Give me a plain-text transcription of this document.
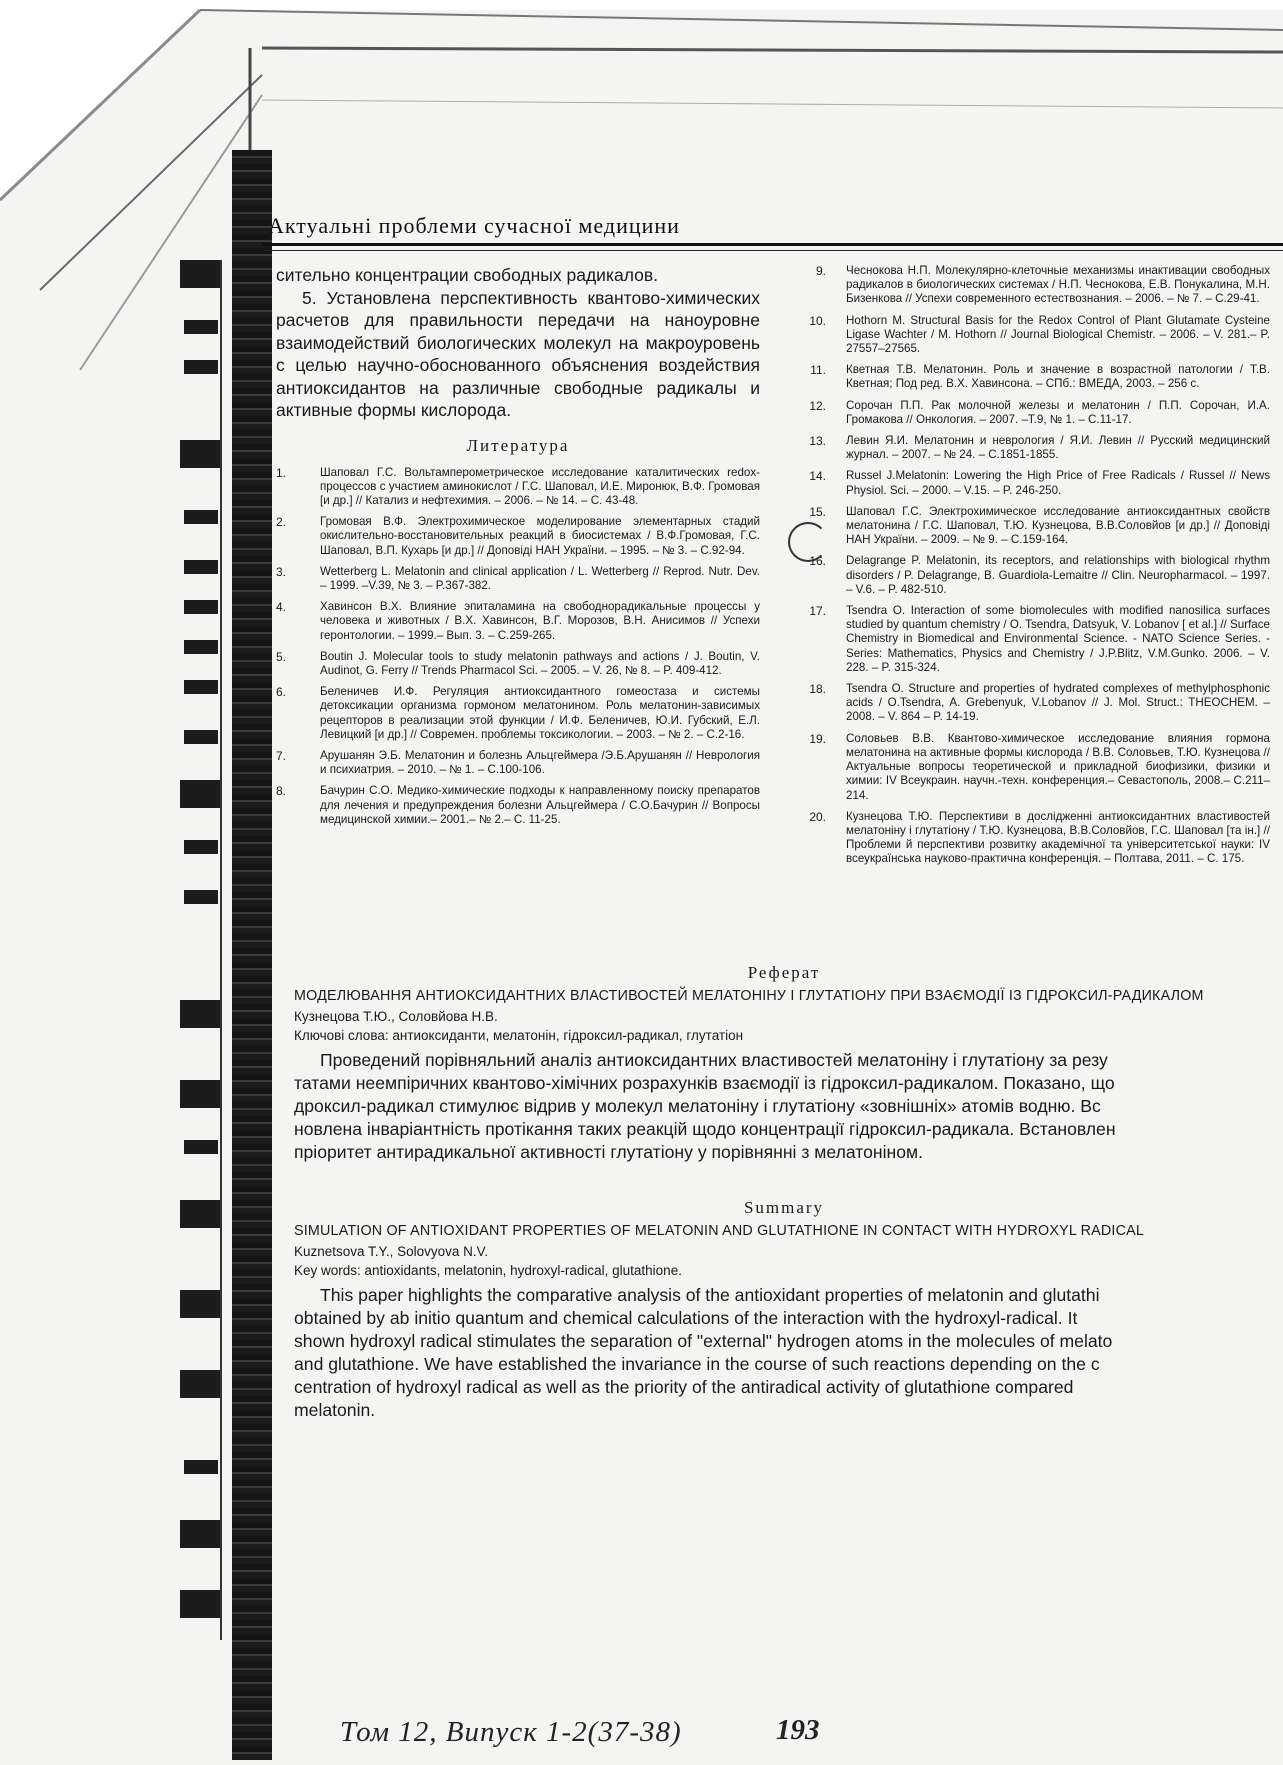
Актуальні проблеми сучасної медицини

сительно концентрации свободных радикалов.

5. Установлена перспективность квантово-химических расчетов для правильности передачи на наноуровне взаимодействий биологических молекул на макроуровень с целью научно-обоснованного объяснения воздействия антиоксидантов на различные свободные радикалы и активные формы кислорода.

Литература
1.	Шаповал Г.С. Вольтамперометрическое исследование каталитических redox-процессов с участием аминокислот / Г.С. Шаповал, И.Е. Миронюк, В.Ф. Громовая [и др.] // Катализ и нефтехимия. – 2006. – № 14. – С. 43-48.
2.	Громовая В.Ф. Электрохимическое моделирование элементарных стадий окислительно-восстановительных реакций в биосистемах / В.Ф.Громовая, Г.С. Шаповал, В.П. Кухарь [и др.] // Доповіді НАН України. – 1995. – № 3. – С.92-94.
3.	Wetterberg L. Melatonin and clinical application / L. Wetterberg // Reprod. Nutr. Dev. – 1999. –V.39, № 3. – P.367-382.
4.	Хавинсон В.Х. Влияние эпиталамина на свободнорадикальные процессы у человека и животных / В.Х. Хавинсон, В.Г. Морозов, В.Н. Анисимов // Успехи геронтологии. – 1999.– Вып. 3. – С.259-265.
5.	Boutin J. Molecular tools to study melatonin pathways and actions / J. Boutin, V. Audinot, G. Ferry // Trends Pharmacol Sci. – 2005. – V. 26, № 8. – P. 409-412.
6.	Беленичев И.Ф. Регуляция антиоксидантного гомеостаза и системы детоксикации организма гормоном мелатонином. Роль мелатонин-зависимых рецепторов в реализации этой функции / И.Ф. Беленичев, Ю.И. Губский, Е.Л. Левицкий [и др.] // Современ. проблемы токсикологии. – 2003. – № 2. – С.2-16.
7.	Арушанян Э.Б. Мелатонин и болезнь Альцгеймера /Э.Б.Арушанян // Неврология и психиатрия. – 2010. – № 1. – С.100-106.
8.	Бачурин С.О. Медико-химические подходы к направленному поиску препаратов для лечения и предупреждения болезни Альцгеймера / С.О.Бачурин // Вопросы медицинской химии.– 2001.– № 2.– С. 11-25.
9. Чеснокова Н.П. Молекулярно-клеточные механизмы инактивации свободных радикалов в биологических системах / Н.П. Чеснокова, Е.В. Понукалина, М.Н. Бизенкова // Успехи современного естествознания. – 2006. – № 7. – С.29-41.
10. Hothorn M. Structural Basis for the Redox Control of Plant Glutamate Cysteine Ligase Wachter / M. Hothorn // Journal Biological Chemistr. – 2006. – V. 281.– P. 27557–27565.
11. Кветная Т.В. Мелатонин. Роль и значение в возрастной патологии / Т.В. Кветная; Под ред. В.Х. Хавинсона. – СПб.: ВМЕДА, 2003. – 256 с.
12. Сорочан П.П. Рак молочной железы и мелатонин / П.П. Сорочан, И.А. Громакова // Онкология. – 2007. –Т.9, № 1. – С.11-17.
13. Левин Я.И. Мелатонин и неврология / Я.И. Левин // Русский медицинский журнал. – 2007. – № 24. – С.1851-1855.
14. Russel J.Melatonin: Lowering the High Price of Free Radicals / Russel // News Physiol. Sci. – 2000. – V.15. – P. 246-250.
15. Шаповал Г.С. Электрохимическое исследование антиоксидантных свойств мелатонина / Г.С. Шаповал, Т.Ю. Кузнецова, В.В.Соловйов [и др.] // Доповіді НАН України. – 2009. – № 9. – С.159-164.
16. Delagrange P. Melatonin, its receptors, and relationships with biological rhythm disorders / P. Delagrange, B. Guardiola-Lemaitre // Clin. Neuropharmacol. – 1997. – V.6. – P. 482-510.
17. Tsendra O. Interaction of some biomolecules with modified nanosilica surfaces studied by quantum chemistry / O. Tsendra, Datsyuk, V. Lobanov [ et al.] // Surface Chemistry in Biomedical and Environmental Science. - NATO Science Series. - Series: Mathematics, Physics and Chemistry / J.P.Blitz, V.M.Gunko. 2006. – V. 228. – P. 315-324.
18. Tsendra O. Structure and properties of hydrated complexes of methylphosphonic acids / O.Tsendra, A. Grebenyuk, V.Lobanov // J. Mol. Struct.: THEOCHEM. – 2008. – V. 864 – P. 14-19.
19. Соловьев В.В. Квантово-химическое исследование влияния гормона мелатонина на активные формы кислорода / В.В. Соловьев, Т.Ю. Кузнецова // Актуальные вопросы теоретической и прикладной биофизики, физики и химии: IV Всеукраин. научн.-техн. конференция.– Севастополь, 2008.– С.211–214.
20. Кузнецова Т.Ю. Перспективи в дослідженні антиоксидантних властивостей мелатоніну і глутатіону / Т.Ю. Кузнецова, В.В.Соловйов, Г.С. Шаповал [та ін.] // Проблеми й перспективи розвитку академічної та університетської науки: IV всеукраїнська науково-практична конференція. – Полтава, 2011. – С. 175.
Реферат
МОДЕЛЮВАННЯ АНТИОКСИДАНТНИХ ВЛАСТИВОСТЕЙ МЕЛАТОНІНУ І ГЛУТАТІОНУ ПРИ ВЗАЄМОДІЇ ІЗ ГІДРОКСИЛ-РАДИКАЛОМ
Кузнецова Т.Ю., Соловйова Н.В.
Ключові слова: антиоксиданти, мелатонін, гідроксил-радикал, глутатіон

Проведений порівняльний аналіз антиоксидантних властивостей мелатоніну і глутатіону за резу
татами неемпіричних квантово-хімічних розрахунків взаємодії із гідроксил-радикалом. Показано, що
дроксил-радикал стимулює відрив у молекул мелатоніну і глутатіону «зовнішніх» атомів водню. Вс
новлена інваріантність протікання таких реакцій щодо концентрації гідроксил-радикала. Встановлен
пріоритет антирадикальної активності глутатіону у порівнянні з мелатоніном.

Summary
SIMULATION OF ANTIOXIDANT PROPERTIES OF MELATONIN AND GLUTATHIONE IN CONTACT WITH HYDROXYL RADICAL
Kuznetsova T.Y., Solovyova N.V.
Key words: antioxidants, melatonin, hydroxyl-radical, glutathione.

This paper highlights the comparative analysis of the antioxidant properties of melatonin and glutathi
obtained by ab initio quantum and chemical calculations of the interaction with the hydroxyl-radical. It
shown hydroxyl radical stimulates the separation of "external" hydrogen atoms in the molecules of melato
and glutathione. We have established the invariance in the course of such reactions depending on the c
centration of hydroxyl radical as well as the priority of the antiradical activity of glutathione compared
melatonin.

Том 12, Випуск 1-2(37-38)	193
